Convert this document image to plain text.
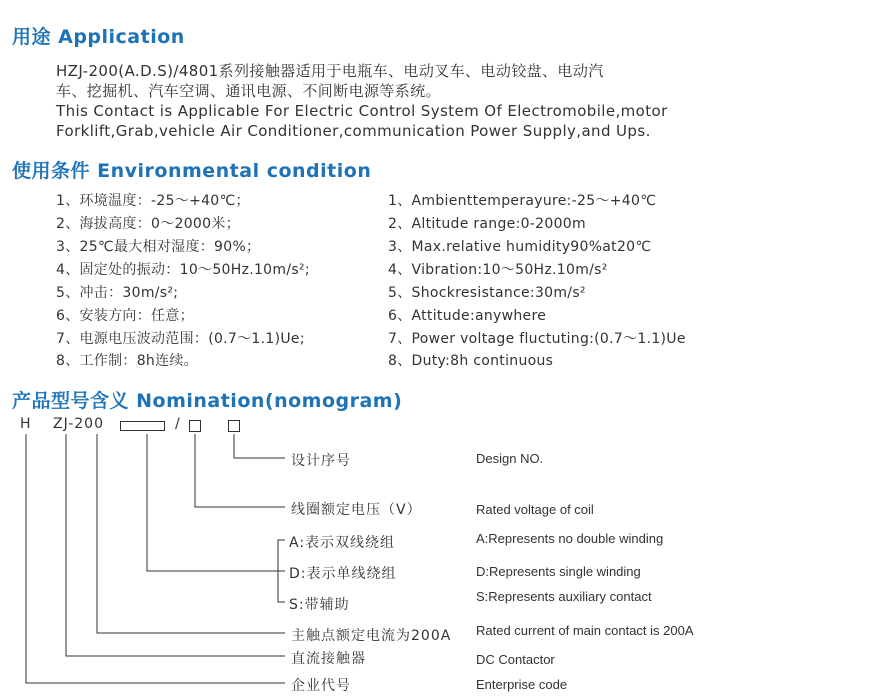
用途 Application
HZJ-200(A.D.S)/4801系列接触器适用于电瓶车、电动叉车、电动铰盘、电动汽
车、挖掘机、汽车空调、通讯电源、不间断电源等系统。
This Contact is Applicable For Electric Control System Of Electromobile,motor
Forklift,Grab,vehicle Air Conditioner,communication Power Supply,and Ups.
使用条件 Environmental condition
1、环境温度：-25～+40℃；
2、海拔高度：0～2000米；
3、25℃最大相对湿度：90%；
4、固定处的振动：10～50Hz.10m/s²;
5、冲击：30m/s²;
6、安装方向：任意；
7、电源电压波动范围：(0.7～1.1)Ue;
8、工作制：8h连续。
1、Ambienttemperayure:-25～+40℃
2、Altitude range:0-2000m
3、Max.relative humidity90%at20℃
4、Vibration:10～50Hz.10m/s²
5、Shockresistance:30m/s²
6、Attitude:anywhere
7、Power voltage fluctuting:(0.7～1.1)Ue
8、Duty:8h continuous
产品型号含义 Nomination(nomogram)
H ZJ-200	/
设计序号
线圈额定电压（V）
A:表示双线绕组
D:表示单线绕组
S:带辅助
主触点额定电流为200A
直流接触器
企业代号
Design NO.
Rated voltage of coil
A:Represents no double winding
D:Represents single winding
S:Represents auxiliary contact
Rated current of main contact is 200A
DC Contactor
Enterprise code
